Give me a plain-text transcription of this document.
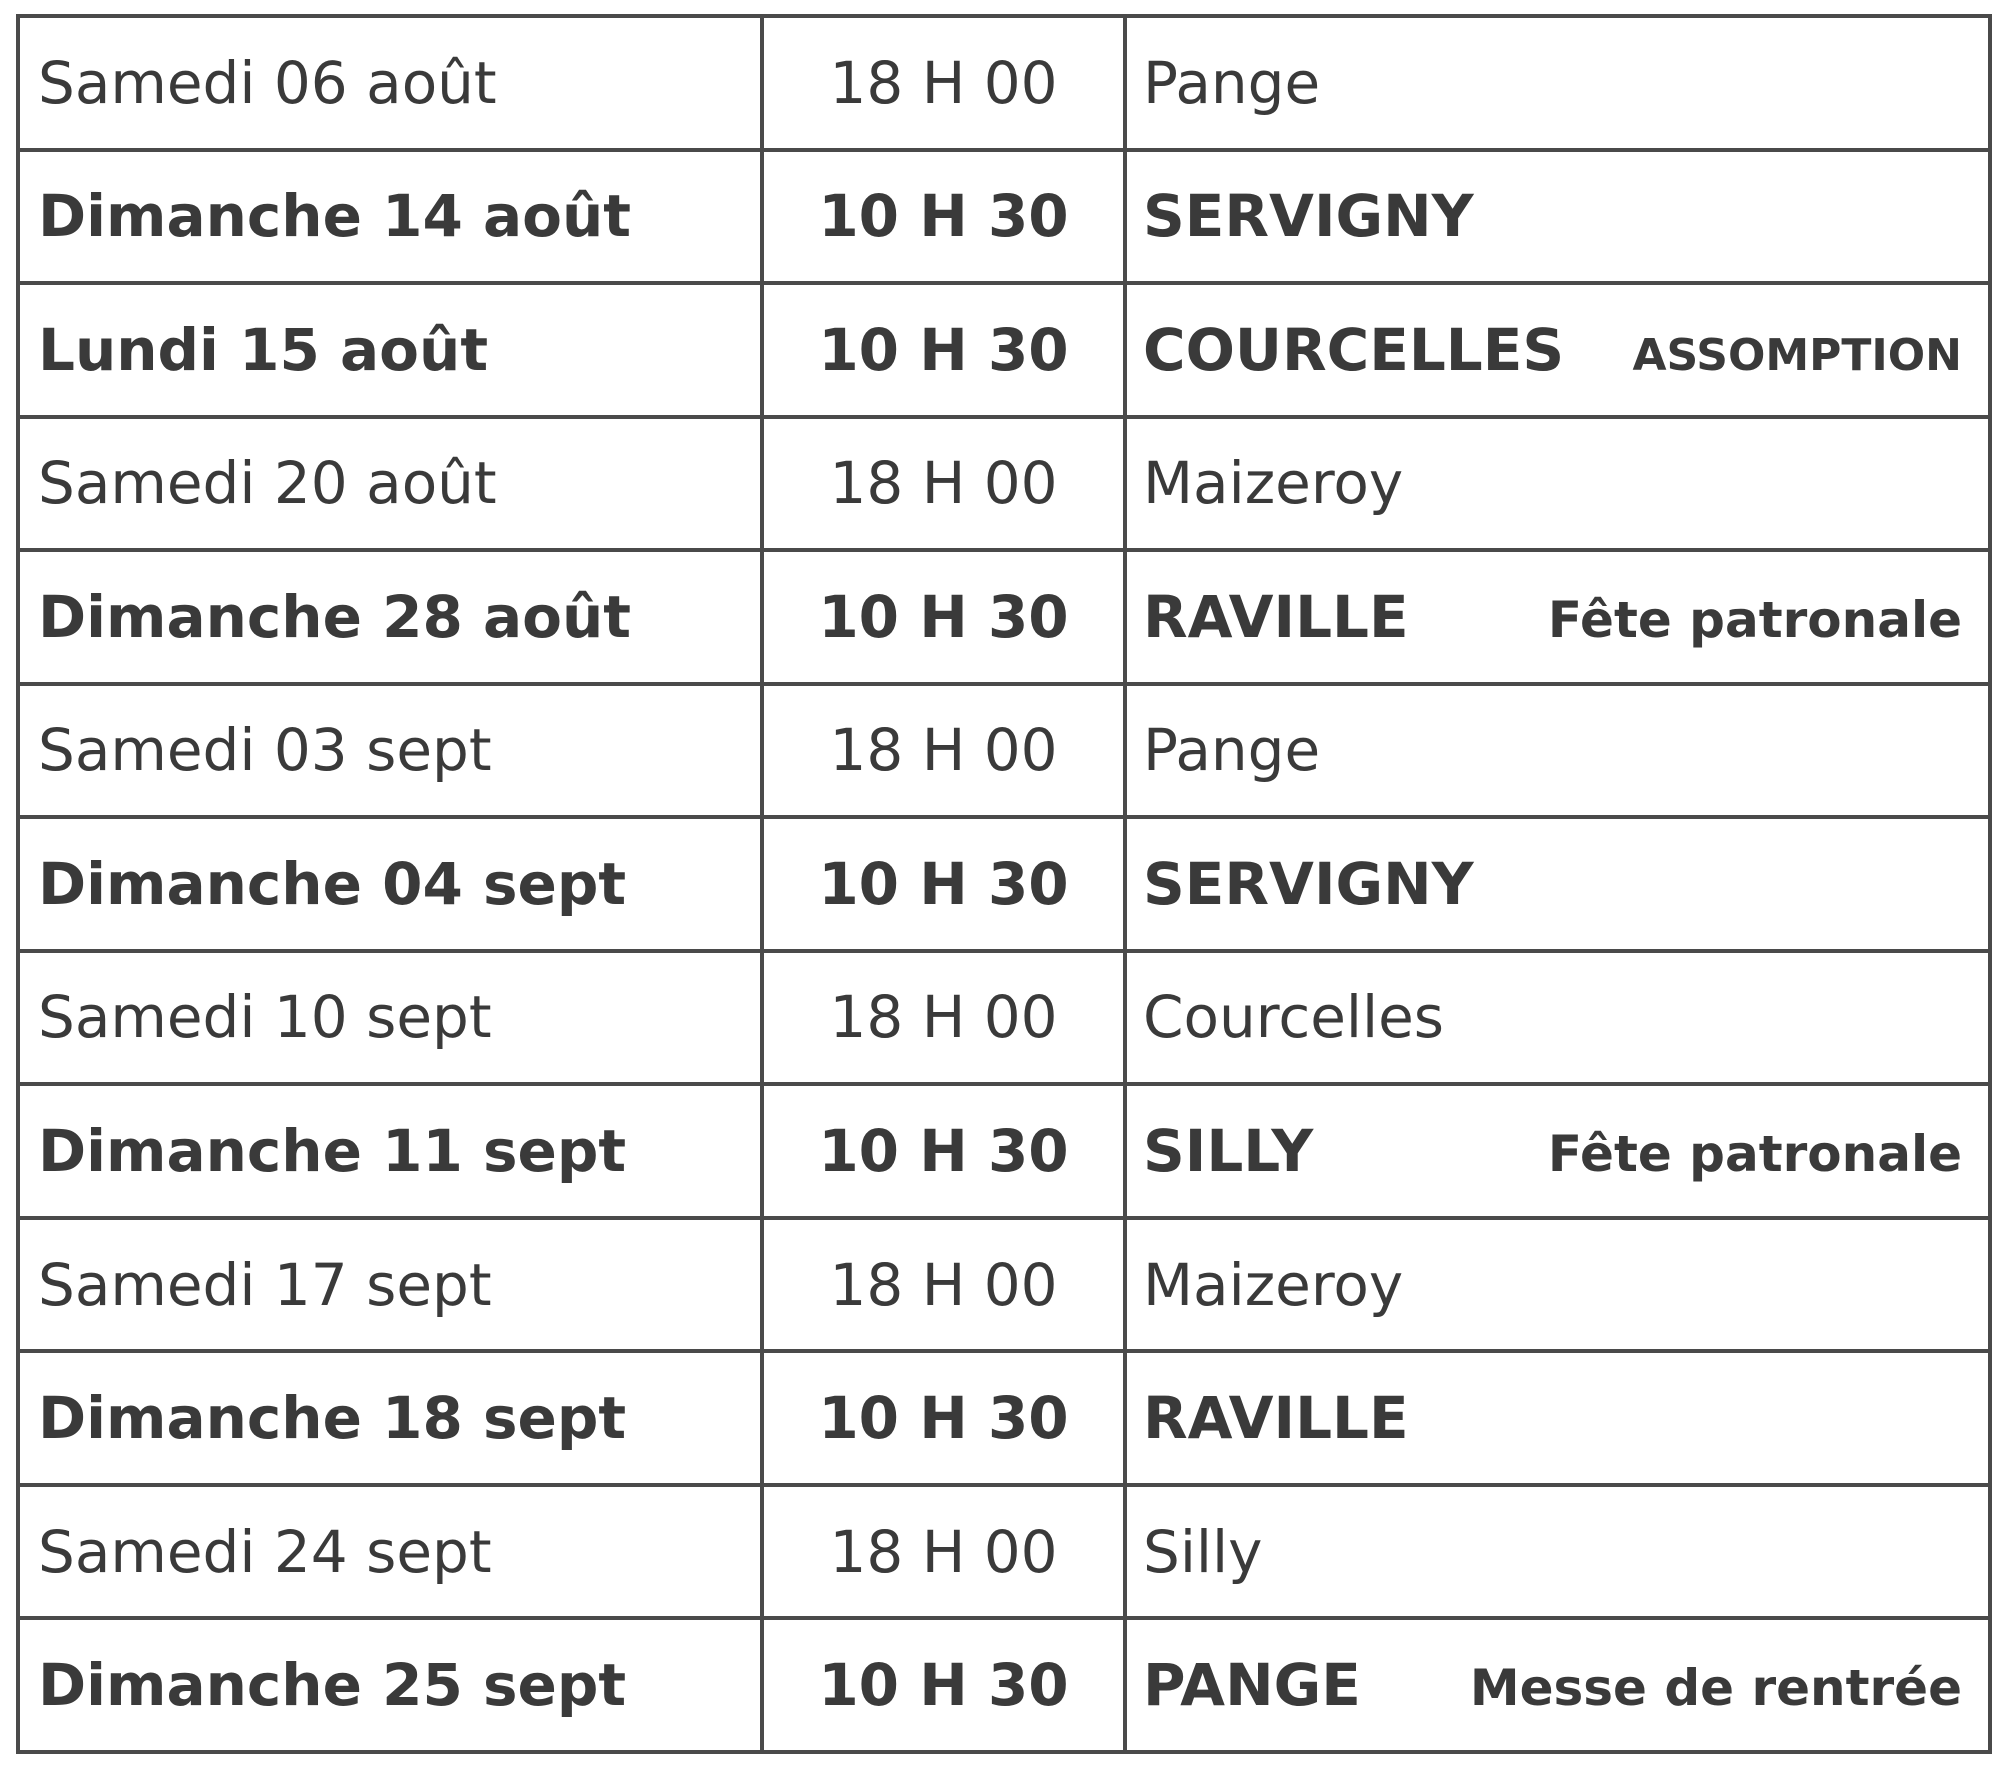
Samedi 06 août	18 H 00	Pange

Dimanche 14 août	10 H 30	SERVIGNY

Lundi 15 août	10 H 30	COURCELLES ASSOMPTION

Samedi 20 août	18 H 00	Maizeroy

Dimanche 28 août	10 H 30	RAVILLE Fête patronale

Samedi 03 sept	18 H 00	Pange

Dimanche 04 sept	10 H 30	SERVIGNY

Samedi 10 sept	18 H 00	Courcelles

Dimanche 11 sept	10 H 30	SILLY Fête patronale

Samedi 17 sept	18 H 00	Maizeroy

Dimanche 18 sept	10 H 30	RAVILLE

Samedi 24 sept	18 H 00	Silly

Dimanche 25 sept	10 H 30	PANGE Messe de rentrée
